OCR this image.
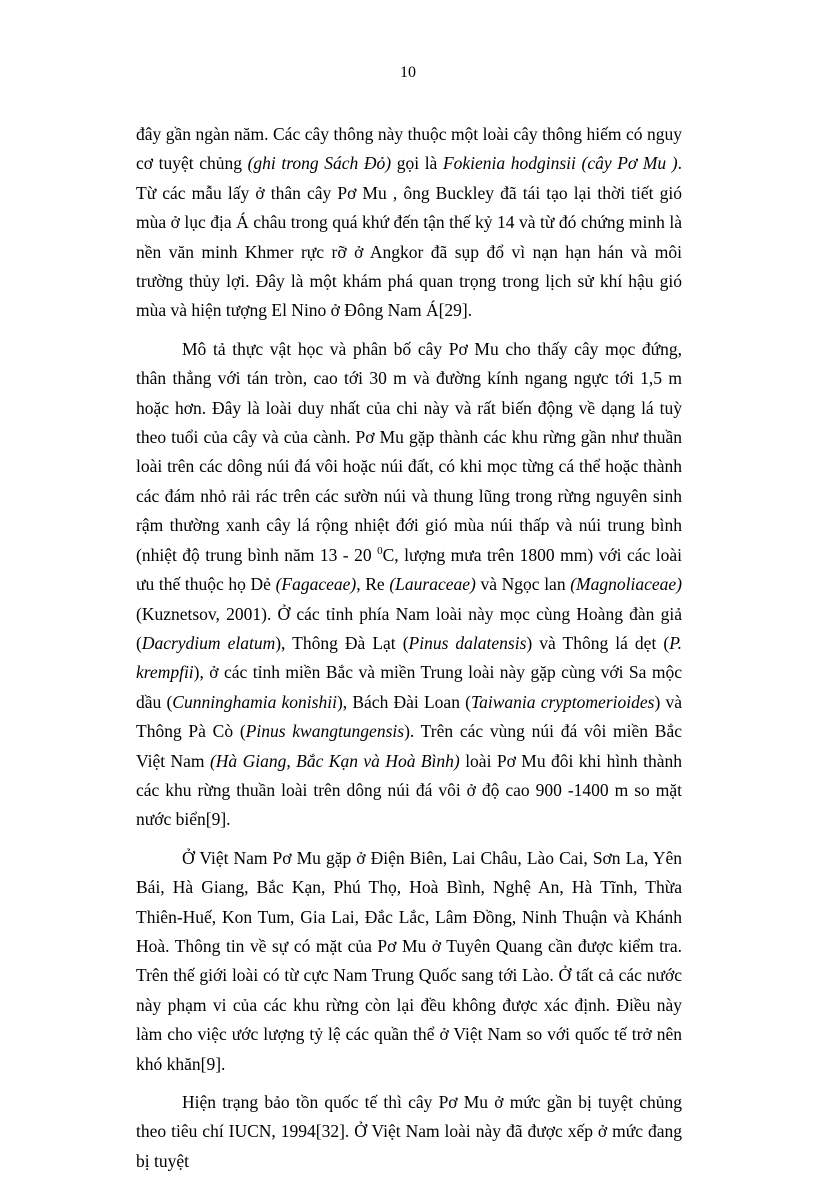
10

đây gần ngàn năm. Các cây thông này thuộc một loài cây thông hiếm có nguy cơ tuyệt chủng (ghi trong Sách Đỏ) gọi là Fokienia hodginsii (cây Pơ Mu ). Từ các mẫu lấy ở thân cây Pơ Mu , ông Buckley đã tái tạo lại thời tiết gió mùa ở lục địa Á châu trong quá khứ đến tận thế kỷ 14 và từ đó chứng minh là nền văn minh Khmer rực rỡ ở Angkor đã sụp đổ vì nạn hạn hán và môi trường thủy lợi. Đây là một khám phá quan trọng trong lịch sử khí hậu gió mùa và hiện tượng El Nino ở Đông Nam Á[29].

Mô tả thực vật học và phân bố cây Pơ Mu cho thấy cây mọc đứng, thân thẳng với tán tròn, cao tới 30 m và đường kính ngang ngực tới 1,5 m hoặc hơn. Đây là loài duy nhất của chi này và rất biến động về dạng lá tuỳ theo tuổi của cây và của cành. Pơ Mu gặp thành các khu rừng gần như thuần loài trên các dông núi đá vôi hoặc núi đất, có khi mọc từng cá thể hoặc thành các đám nhỏ rải rác trên các sườn núi và thung lũng trong rừng nguyên sinh rậm thường xanh cây lá rộng nhiệt đới gió mùa núi thấp và núi trung bình (nhiệt độ trung bình năm 13 - 20 $^0$C, lượng mưa trên 1800 mm) với các loài ưu thế thuộc họ Dẻ (Fagaceae), Re (Lauraceae) và Ngọc lan (Magnoliaceae) (Kuznetsov, 2001). Ở các tỉnh phía Nam loài này mọc cùng Hoàng đàn giả (Dacrydium elatum), Thông Đà Lạt (Pinus dalatensis) và Thông lá dẹt (P. krempfii), ở các tỉnh miền Bắc và miền Trung loài này gặp cùng với Sa mộc dầu (Cunninghamia konishii), Bách Đài Loan (Taiwania cryptomerioides) và Thông Pà Cò (Pinus kwangtungensis). Trên các vùng núi đá vôi miền Bắc Việt Nam (Hà Giang, Bắc Kạn và Hoà Bình) loài Pơ Mu đôi khi hình thành các khu rừng thuần loài trên dông núi đá vôi ở độ cao 900 -1400 m so mặt nước biển[9].

Ở Việt Nam Pơ Mu gặp ở Điện Biên, Lai Châu, Lào Cai, Sơn La, Yên Bái, Hà Giang, Bắc Kạn, Phú Thọ, Hoà Bình, Nghệ An, Hà Tĩnh, Thừa Thiên-Huế, Kon Tum, Gia Lai, Đắc Lắc, Lâm Đồng, Ninh Thuận và Khánh Hoà. Thông tin về sự có mặt của Pơ Mu ở Tuyên Quang cần được kiểm tra. Trên thế giới loài có từ cực Nam Trung Quốc sang tới Lào. Ở tất cả các nước này phạm vi của các khu rừng còn lại đều không được xác định. Điều này làm cho việc ước lượng tỷ lệ các quần thể ở Việt Nam so với quốc tế trở nên khó khăn[9].

Hiện trạng bảo tồn quốc tế thì cây Pơ Mu ở mức gần bị tuyệt chủng theo tiêu chí IUCN, 1994[32]. Ở Việt Nam loài này đã được xếp ở mức đang bị tuyệt
